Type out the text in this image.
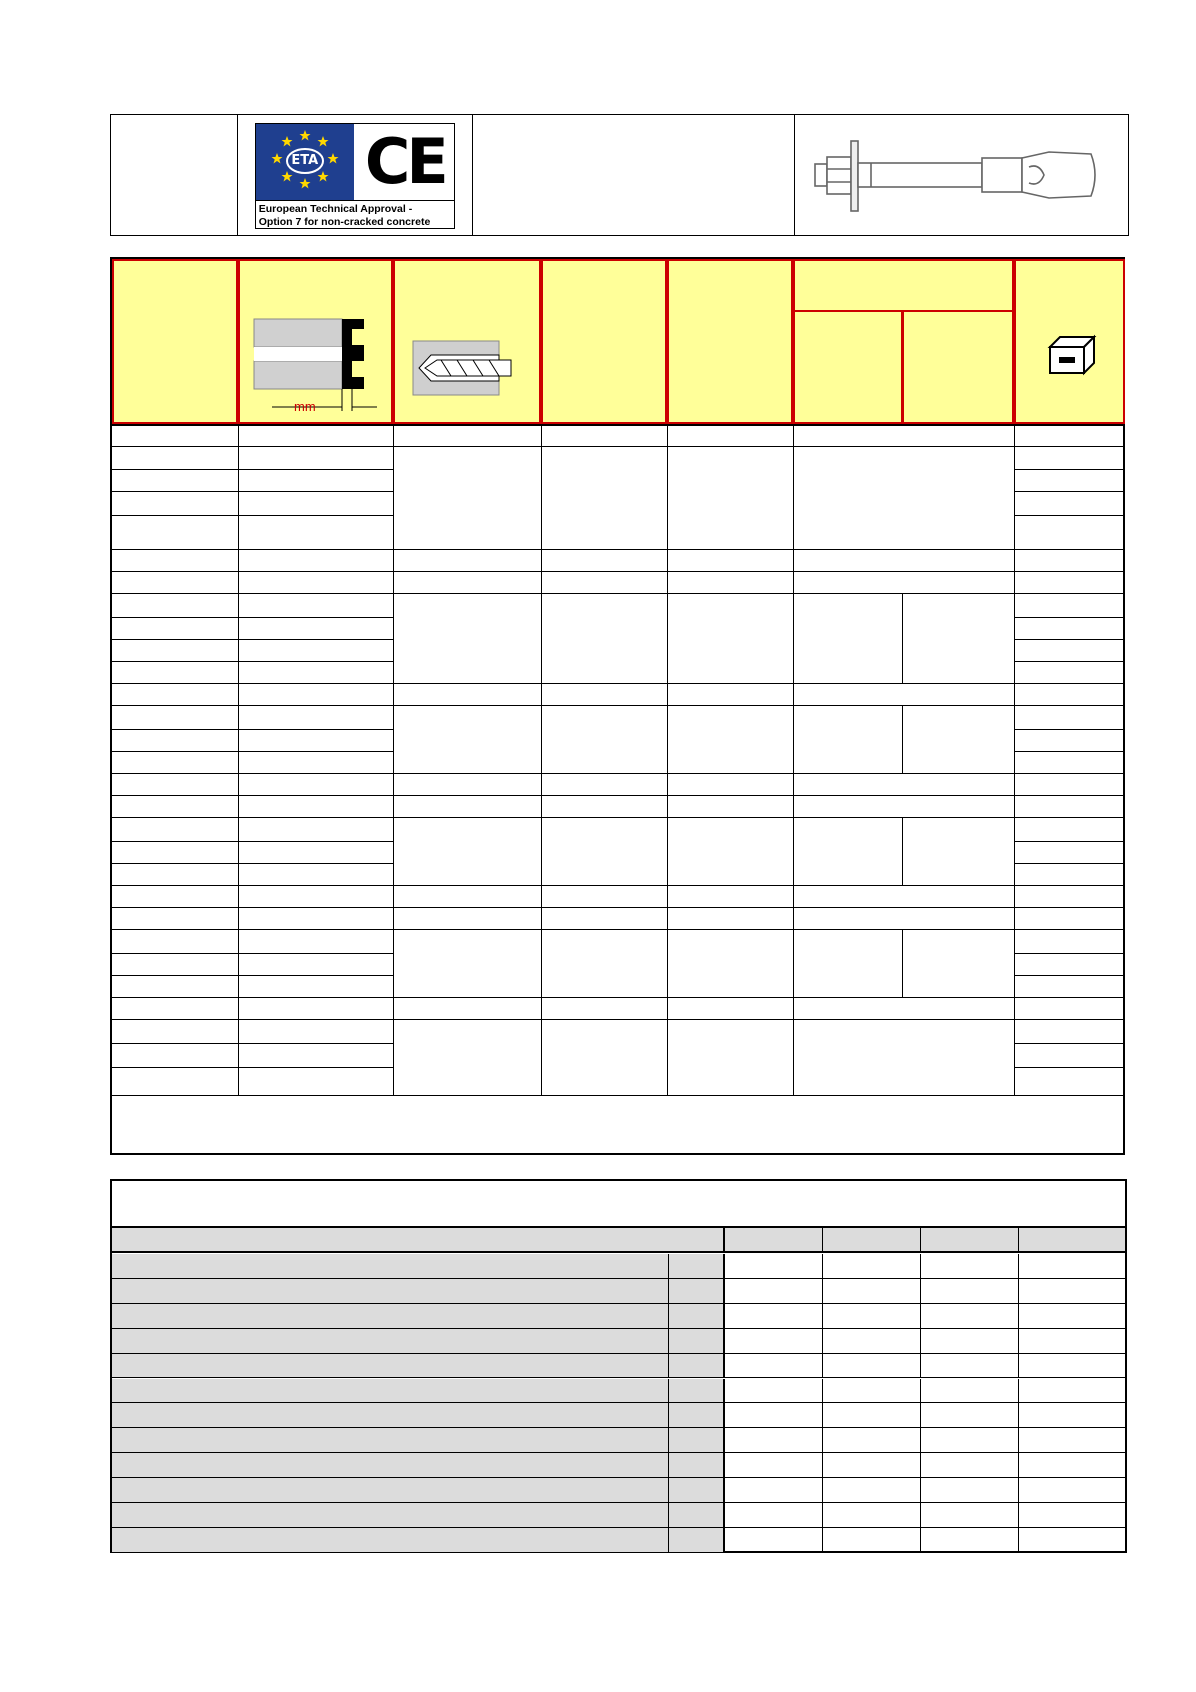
ETA CE
European Technical Approval -
Option 7 for non-cracked concrete
mm
